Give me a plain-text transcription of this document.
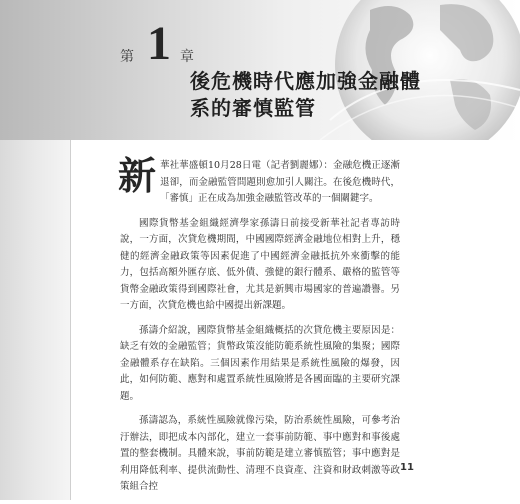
第 1 章
後危機時代應加強金融體
系的審慎監管

新 華社華盛頓10月28日電（記者劉麗娜）：金融危機正逐漸退卻，而金融監管問題則愈加引人關注。在後危機時代，「審慎」正在成為加強金融監管改革的一個關鍵字。

國際貨幣基金組織經濟學家孫濤日前接受新華社記者專訪時說，一方面，次貸危機期間，中國國際經濟金融地位相對上升，穩健的經濟金融政策等因素促進了中國經濟金融抵抗外來衝擊的能力，包括高額外匯存底、低外債、強健的銀行體系、嚴格的監管等貨幣金融政策得到國際社會，尤其是新興市場國家的普遍讚譽。另一方面，次貸危機也給中國提出新課題。

孫濤介紹說，國際貨幣基金組織概括的次貸危機主要原因是：缺乏有效的金融監管；貨幣政策沒能防範系統性風險的集聚；國際金融體系存在缺陷。三個因素作用結果是系統性風險的爆發，因此，如何防範、應對和處置系統性風險將是各國面臨的主要研究課題。

孫濤認為，系統性風險就像污染，防治系統性風險，可參考治汙辦法，即把成本內部化，建立一套事前防範、事中應對和事後處置的整套機制。具體來說，事前防範是建立審慎監管；事中應對是利用降低利率、提供流動性、清理不良資產、注資和財政刺激等政策組合控

11
